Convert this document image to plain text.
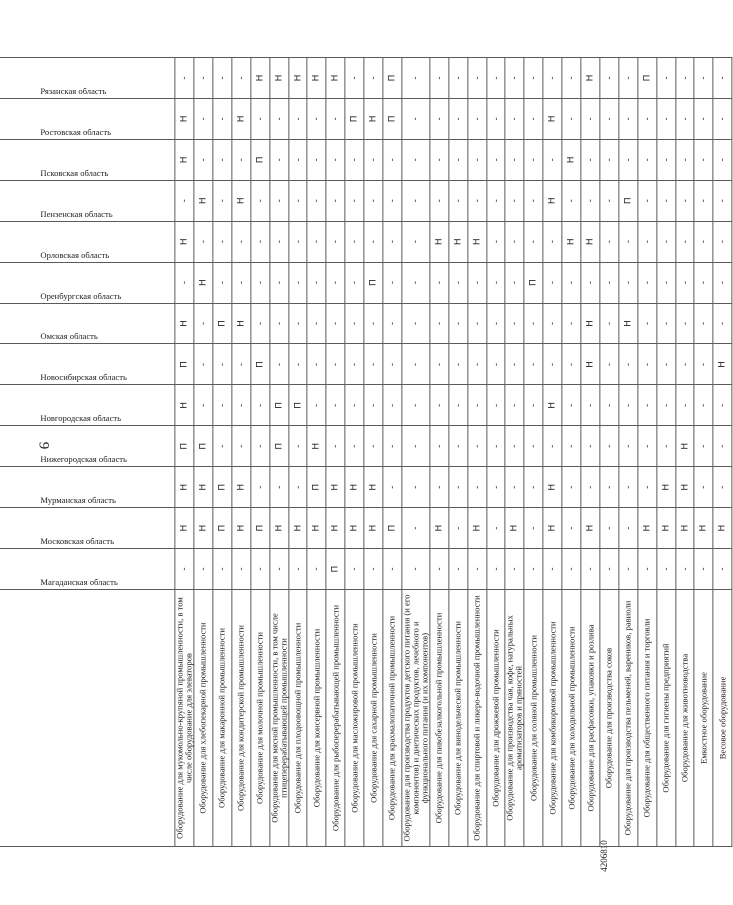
9
4206810

	Магаданская область	Московская область	Мурманская область	Нижегородская область	Новгородская область	Новосибирская область	Омская область	Оренбургская область	Орловская область	Пензенская область	Псковская область	Ростовская область	Рязанская область

Оборудование для мукомольно-крупяной промышленности, в том числе оборудование для элеваторов	-	Н	Н	П	Н	П	Н	-	Н	-	Н	Н	-
Оборудование для хлебопекарной промышленности	-	Н	Н	П	-	-	-	Н	-	Н	-	-	-
Оборудование для макаронной промышленности	-	П	П	-	-	-	П	-	-	-	-	-	-
Оборудование для кондитерской промышленности	-	Н	Н	-	-	-	Н	-	-	Н	-	Н	-
Оборудование для молочной промышленности	-	П	-	-	-	П	-	-	-	-	П	-	Н
Оборудование для мясной промышленности, в том числе птицеперерабатывающей промышленности	-	Н	-	П	П	-	-	-	-	-	-	-	Н
Оборудование для плодоовощной промышленности	-	Н	-	-	П	-	-	-	-	-	-	-	Н
Оборудование для консервной промышленности	-	Н	П	Н	-	-	-	-	-	-	-	-	Н
Оборудование для рыбоперерабатывающей промышленности	П	Н	Н	-	-	-	-	-	-	-	-	-	Н
Оборудование для масложировой промышленности	-	Н	Н	-	-	-	-	-	-	-	-	П	-
Оборудование для сахарной промышленности	-	Н	Н	-	-	-	-	П	-	-	-	Н	-
Оборудование для крахмалопаточной промышленности	-	П	-	-	-	-	-	-	-	-	-	П	П
Оборудование для производства продуктов детского питания (и его компонентов) и диетических продуктов, лечебного и функционального питания (и их компонентов)	-	-	-	-	-	-	-	-	-	-	-	-	-
Оборудование для пивобезалкогольной промышленности	-	Н	-	-	-	-	-	-	Н	-	-	-	-
Оборудование для винодельческой промышленности	-	-	-	-	-	-	-	-	Н	-	-	-	-
Оборудование для спиртовой и ликеро-водочной промышленности	-	Н	-	-	-	-	-	-	Н	-	-	-	-
Оборудование для дрожжевой промышленности	-	-	-	-	-	-	-	-	-	-	-	-	-
Оборудование для производства чая, кофе, натуральных ароматизаторов и пряностей	-	Н	-	-	-	-	-	-	-	-	-	-	-
Оборудование для соляной промышленности	-	-	-	-	-	-	-	П	-	-	-	-	-
Оборудование для комбикормовой промышленности	-	Н	Н	-	Н	-	-	-	-	Н	-	Н	-
Оборудование для холодильной промышленности	-	-	-	-	-	-	-	-	Н	-	Н	-	-
Оборудование для расфасовки, упаковки и розлива	-	Н	-	-	-	Н	Н	-	Н	-	-	-	Н
Оборудование для производства соков	-	-	-	-	-	-	-	-	-	-	-	-	-
Оборудование для производства пельменей, вареников, равиоли	-	-	-	-	-	-	Н	-	-	П	-	-	-
Оборудование для общественного питания и торговли	-	Н	-	-	-	-	-	-	-	-	-	-	П
Оборудование для гигиены предприятий	-	Н	Н	-	-	-	-	-	-	-	-	-	-
Оборудование для животноводства	-	Н	Н	Н	-	-	-	-	-	-	-	-	-
Емкостное оборудование	-	Н	-	-	-	-	-	-	-	-	-	-	-
Весовое оборудование	-	Н	-	-	-	Н	-	-	-	-	-	-	-
